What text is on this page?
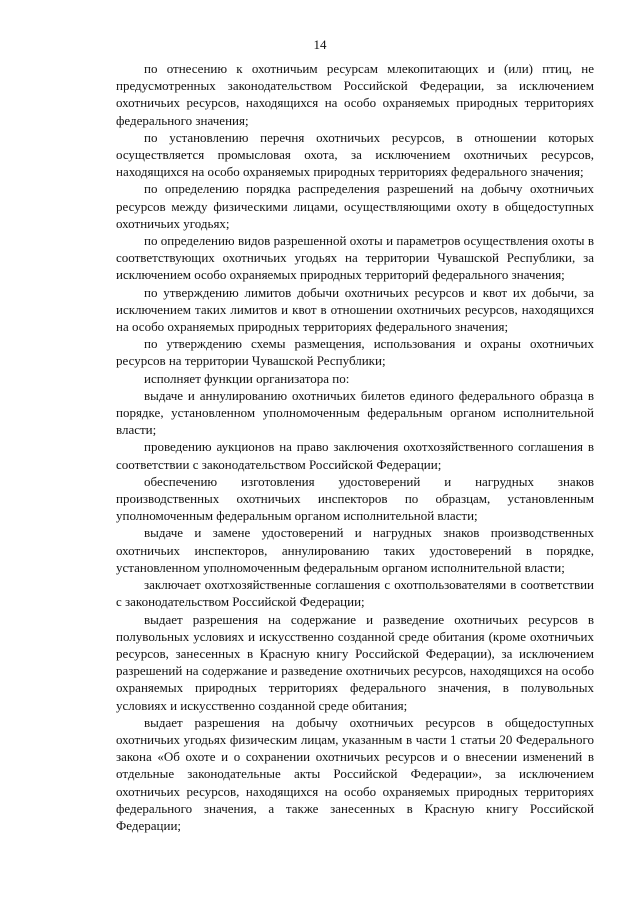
14

по отнесению к охотничьим ресурсам млекопитающих и (или) птиц, не предусмотренных законодательством Российской Федерации, за исключением охотничьих ресурсов, находящихся на особо охраняемых природных территориях федерального значения;

по установлению перечня охотничьих ресурсов, в отношении которых осуществляется промысловая охота, за исключением охотничьих ресурсов, находящихся на особо охраняемых природных территориях федерального значения;

по определению порядка распределения разрешений на добычу охотничьих ресурсов между физическими лицами, осуществляющими охоту в общедоступных охотничьих угодьях;

по определению видов разрешенной охоты и параметров осуществления охоты в соответствующих охотничьих угодьях на территории Чувашской Республики, за исключением особо охраняемых природных территорий федерального значения;

по утверждению лимитов добычи охотничьих ресурсов и квот их добычи, за исключением таких лимитов и квот в отношении охотничьих ресурсов, находящихся на особо охраняемых природных территориях федерального значения;

по утверждению схемы размещения, использования и охраны охотничьих ресурсов на территории Чувашской Республики;

исполняет функции организатора по:

выдаче и аннулированию охотничьих билетов единого федерального образца в порядке, установленном уполномоченным федеральным органом исполнительной власти;

проведению аукционов на право заключения охотхозяйственного соглашения в соответствии с законодательством Российской Федерации;

обеспечению изготовления удостоверений и нагрудных знаков производственных охотничьих инспекторов по образцам, установленным уполномоченным федеральным органом исполнительной власти;

выдаче и замене удостоверений и нагрудных знаков производственных охотничьих инспекторов, аннулированию таких удостоверений в порядке, установленном уполномоченным федеральным органом исполнительной власти;

заключает охотхозяйственные соглашения с охотпользователями в соответствии с законодательством Российской Федерации;

выдает разрешения на содержание и разведение охотничьих ресурсов в полувольных условиях и искусственно созданной среде обитания (кроме охотничьих ресурсов, занесенных в Красную книгу Российской Федерации), за исключением разрешений на содержание и разведение охотничьих ресурсов, находящихся на особо охраняемых природных территориях федерального значения, в полувольных условиях и искусственно созданной среде обитания;

выдает разрешения на добычу охотничьих ресурсов в общедоступных охотничьих угодьях физическим лицам, указанным в части 1 статьи 20 Федерального закона «Об охоте и о сохранении охотничьих ресурсов и о внесении изменений в отдельные законодательные акты Российской Федерации», за исключением охотничьих ресурсов, находящихся на особо охраняемых природных территориях федерального значения, а также занесенных в Красную книгу Российской Федерации;
